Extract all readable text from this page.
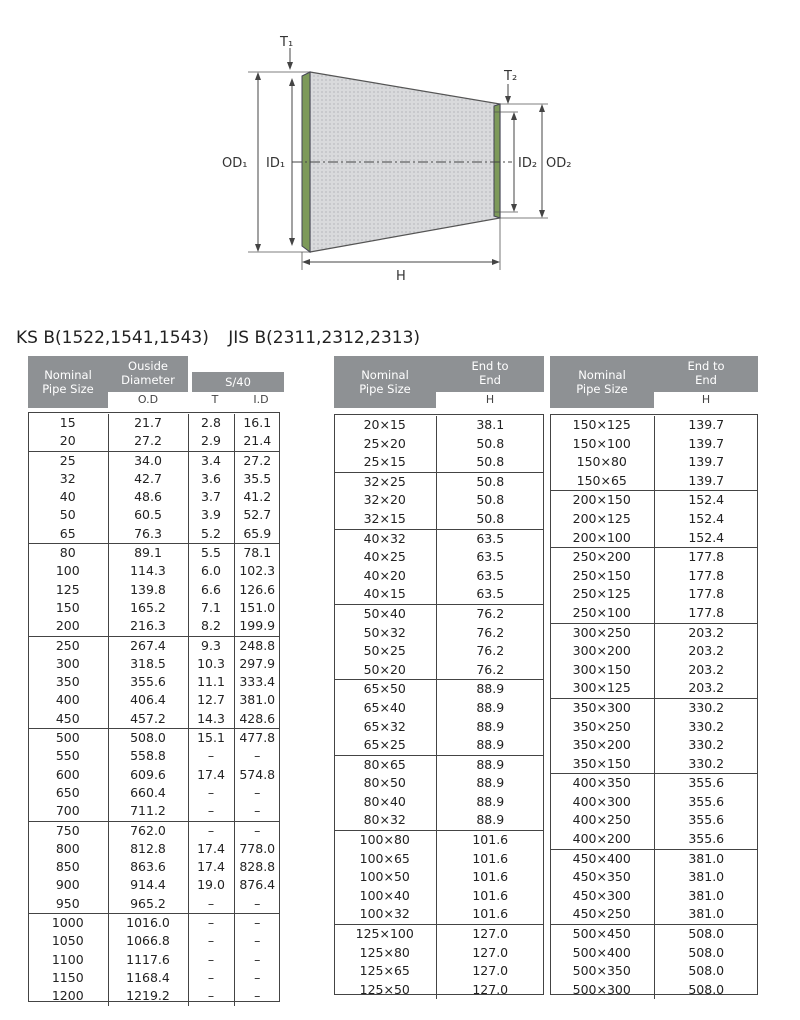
T₁
OD₁ ID₁
T₂
ID₂ OD₂
H
KS B(1522,1541,1543) JIS B(2311,2312,2313)
Nominal Pipe Size
Ouside Diameter
O.D
S/40
T	I.D
15	21.7	2.8	16.1
20	27.2	2.9	21.4
25	34.0	3.4	27.2
32	42.7	3.6	35.5
40	48.6	3.7	41.2
50	60.5	3.9	52.7
65	76.3	5.2	65.9
80	89.1	5.5	78.1
100	114.3	6.0	102.3
125	139.8	6.6	126.6
150	165.2	7.1	151.0
200	216.3	8.2	199.9
250	267.4	9.3	248.8
300	318.5	10.3	297.9
350	355.6	11.1	333.4
400	406.4	12.7	381.0
450	457.2	14.3	428.6
500	508.0	15.1	477.8
550	558.8	–	–
600	609.6	17.4	574.8
650	660.4	–	–
700	711.2	–	–
750	762.0	–	–
800	812.8	17.4	778.0
850	863.6	17.4	828.8
900	914.4	19.0	876.4
950	965.2	–	–
1000	1016.0	–	–
1050	1066.8	–	–
1100	1117.6	–	–
1150	1168.4	–	–
1200	1219.2	–	–
Nominal Pipe Size
End to End
H
20×15	38.1
25×20	50.8
25×15	50.8
32×25	50.8
32×20	50.8
32×15	50.8
40×32	63.5
40×25	63.5
40×20	63.5
40×15	63.5
50×40	76.2
50×32	76.2
50×25	76.2
50×20	76.2
65×50	88.9
65×40	88.9
65×32	88.9
65×25	88.9
80×65	88.9
80×50	88.9
80×40	88.9
80×32	88.9
100×80	101.6
100×65	101.6
100×50	101.6
100×40	101.6
100×32	101.6
125×100	127.0
125×80	127.0
125×65	127.0
125×50	127.0
Nominal Pipe Size
End to End
H
150×125	139.7
150×100	139.7
150×80	139.7
150×65	139.7
200×150	152.4
200×125	152.4
200×100	152.4
250×200	177.8
250×150	177.8
250×125	177.8
250×100	177.8
300×250	203.2
300×200	203.2
300×150	203.2
300×125	203.2
350×300	330.2
350×250	330.2
350×200	330.2
350×150	330.2
400×350	355.6
400×300	355.6
400×250	355.6
400×200	355.6
450×400	381.0
450×350	381.0
450×300	381.0
450×250	381.0
500×450	508.0
500×400	508.0
500×350	508.0
500×300	508.0
